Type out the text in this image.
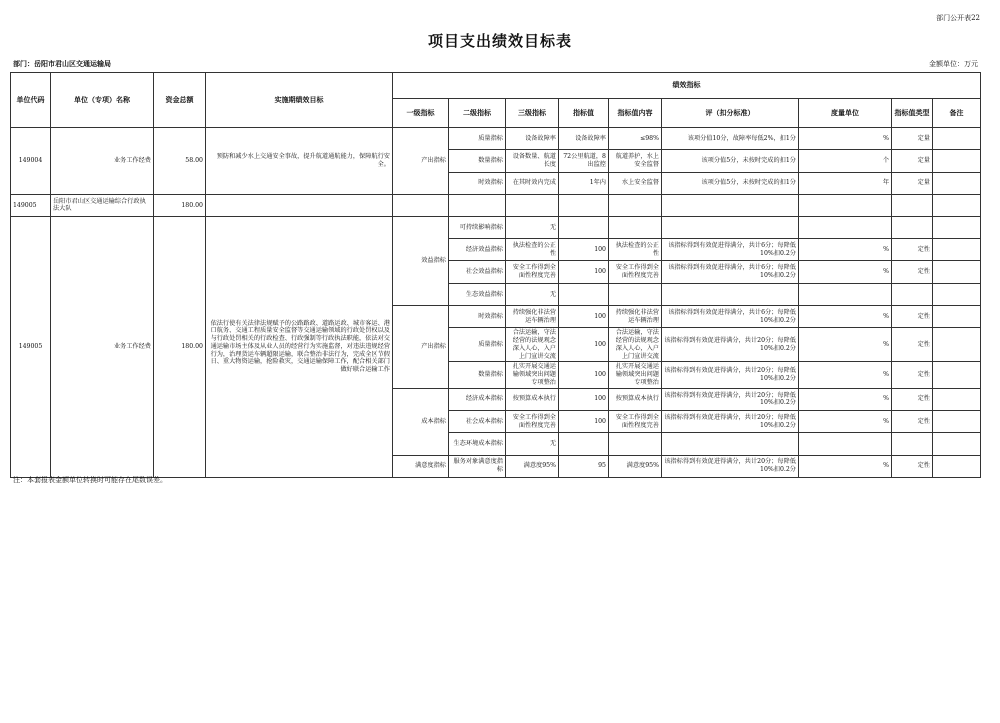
部门公开表22
项目支出绩效目标表
部门：岳阳市君山区交通运输局	金额单位：万元
单位代码	单位（专项）名称	资金总额	实施期绩效目标	绩效指标								
				一级指标	二级指标	三级指标	指标值	指标值内容	评（扣分标准）	度量单位	指标值类型	备注
149004	业务工作经费	58.00	预防和减少水上交通安全事故，提升航道通航能力，保障航行安全。	产出指标	质量指标	设备故障率	设备故障率	≤98%	该项分值10分，故障率每低2%，扣1分	%	定量	
					数量指标	设备数量、航道长度	72公里航道，8出监控	航道养护，水上安全监督	该项分值5分，未按时完成的扣1分	个	定量	
					时效指标	在其时效内完成	1年内	水上安全监督	该项分值5分，未按时完成的扣1分	年	定量	
149005	岳阳市君山区交通运输综合行政执法大队	180.00										
149005	业务工作经费	180.00	依法行使有关法律法规赋予的公路路政、道路运政、城市客运、港口航务、交通工程质量安全监督等交通运输领域的行政处罚权以及与行政处罚相关的行政检查、行政强制等行政执法职能，依法对交通运输市场主体及从业人员的经营行为实施监督，对违法违规经营行为，治理货运车辆超限运输，联合整治非法行为，完成全区节假日、重大物资运输，抢险救灾，交通运输保障工作，配合相关部门做好联合运输工作	效益指标	可持续影响指标	无						
					经济效益指标	执法检查的公正性	100	执法检查的公正性	该指标得到有效促进得满分，共计6分；每降低10%扣0.2分	%	定性	
					社会效益指标	安全工作得到全面性程度完善	100	安全工作得到全面性程度完善	该指标得到有效促进得满分，共计6分；每降低10%扣0.2分	%	定性	
					生态效益指标	无						
				产出指标	时效指标	持续强化非法营运车辆治理	100	持续强化非法营运车辆治理	该指标得到有效促进得满分，共计6分；每降低10%扣0.2分	%	定性	
					质量指标	合法运输，守法经营的法规观念深入人心，入户上门宣讲交流	100	合法运输，守法经营的法规观念深入人心，入户上门宣讲交流	该指标得到有效促进得满分，共计20分；每降低10%扣0.2分	%	定性	
					数量指标	扎实开展交通运输领域突出问题专项整治	100	扎实开展交通运输领域突出问题专项整治	该指标得到有效促进得满分，共计20分；每降低10%扣0.2分	%	定性	
				成本指标	经济成本指标	按预算成本执行	100	按预算成本执行	该指标得到有效促进得满分，共计20分；每降低10%扣0.2分	%	定性	
					社会成本指标	安全工作得到全面性程度完善	100	安全工作得到全面性程度完善	该指标得到有效促进得满分，共计20分；每降低10%扣0.2分	%	定性	
					生态环境成本指标	无						
				满意度指标	服务对象满意度指标	满意度95%	95	满意度95%	该指标得到有效促进得满分，共计20分；每降低10%扣0.2分	%	定性	
注：本套报表金额单位转换时可能存在尾数误差。
